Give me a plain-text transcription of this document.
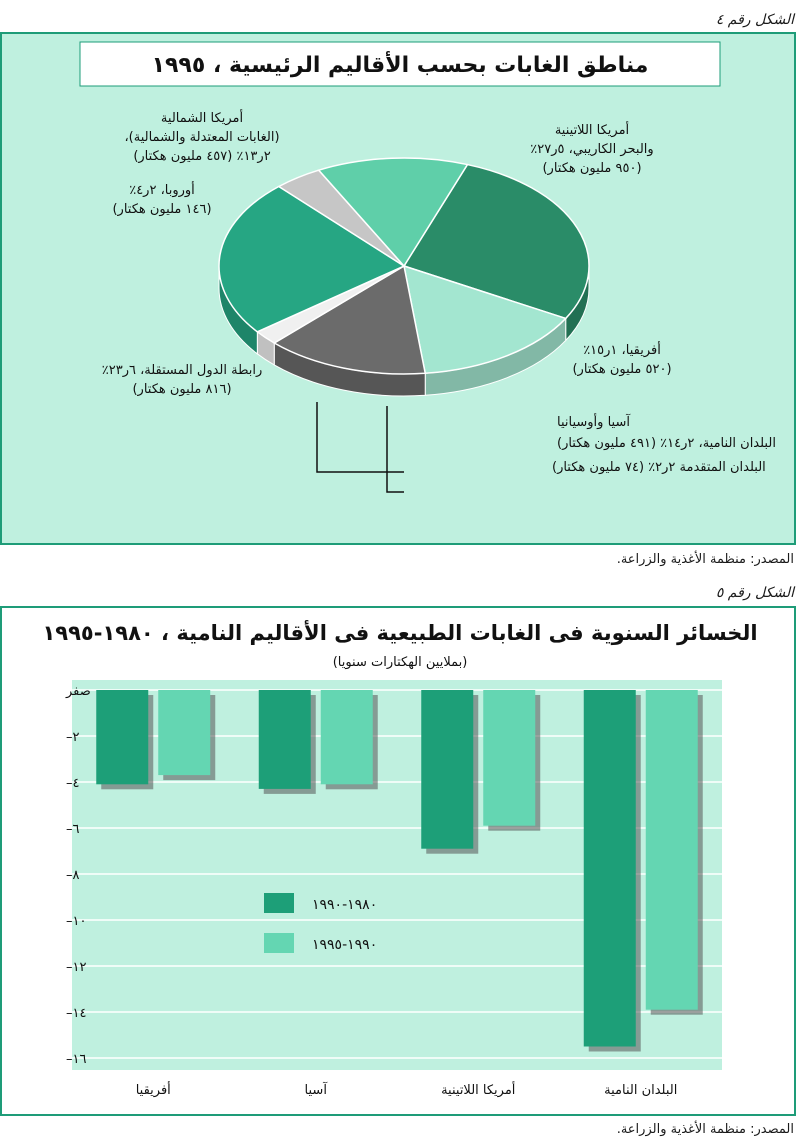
الشكل رقم ٤
مناطق الغابات بحسب الأقاليم الرئيسية ، ١٩٩٥
أمريكا اللاتينية
والبحر الكاريبي، ٥ر٢٧٪
(٩٥٠ مليون هكتار)
أفريقيا، ١ر١٥٪
(٥٢٠ مليون هكتار)
آسيا وأوسيانيا
البلدان النامية، ٢ر١٤٪ (٤٩١ مليون هكتار)
البلدان المتقدمة ٢ر٢٪ (٧٤ مليون هكتار)
رابطة الدول المستقلة، ٦ر٢٣٪
(٨١٦ مليون هكتار)
أوروبا، ٢ر٤٪
(١٤٦ مليون هكتار)
أمريكا الشمالية
(الغابات المعتدلة والشمالية)،
٢ر١٣٪ (٤٥٧ مليون هكتار)
المصدر: منظمة الأغذية والزراعة.
الشكل رقم ٥
الخسائر السنوية فى الغابات الطبيعية فى الأقاليم النامية ، ١٩٨٠-١٩٩٥
(بملايين الهكتارات سنويا)
صفر
٢–
٤–
٦–
٨–
١٠–
١٢–
١٤–
١٦–
أفريقيا	آسيا	أمريكا اللاتينية	البلدان النامية
١٩٨٠-١٩٩٠
١٩٩٠-١٩٩٥
المصدر: منظمة الأغذية والزراعة.
